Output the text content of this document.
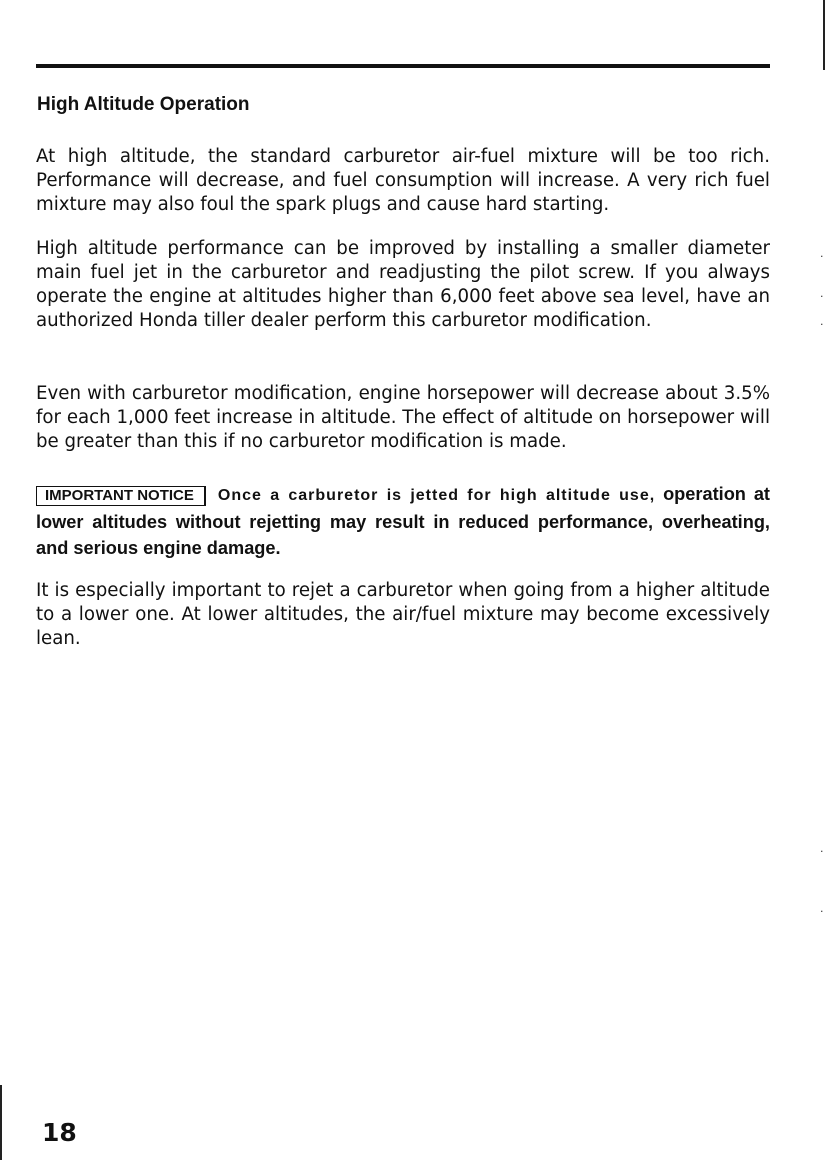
High Altitude Operation

At high altitude, the standard carburetor air-fuel mixture will be too rich. Performance will decrease, and fuel consumption will increase. A very rich fuel mixture may also foul the spark plugs and cause hard starting.

High altitude performance can be improved by installing a smaller diameter main fuel jet in the carburetor and readjusting the pilot screw. If you always operate the engine at altitudes higher than 6,000 feet above sea level, have an authorized Honda tiller dealer perform this carburetor modification.

Even with carburetor modification, engine horsepower will decrease about 3.5% for each 1,000 feet increase in altitude. The effect of altitude on horsepower will be greater than this if no carburetor modification is made.

IMPORTANT NOTICE Once a carburetor is jetted for high altitude use, operation at lower altitudes without rejetting may result in reduced performance, overheating, and serious engine damage.

It is especially important to rejet a carburetor when going from a higher altitude to a lower one. At lower altitudes, the air/fuel mixture may become excessively lean.

18
·
·
·
·
·
